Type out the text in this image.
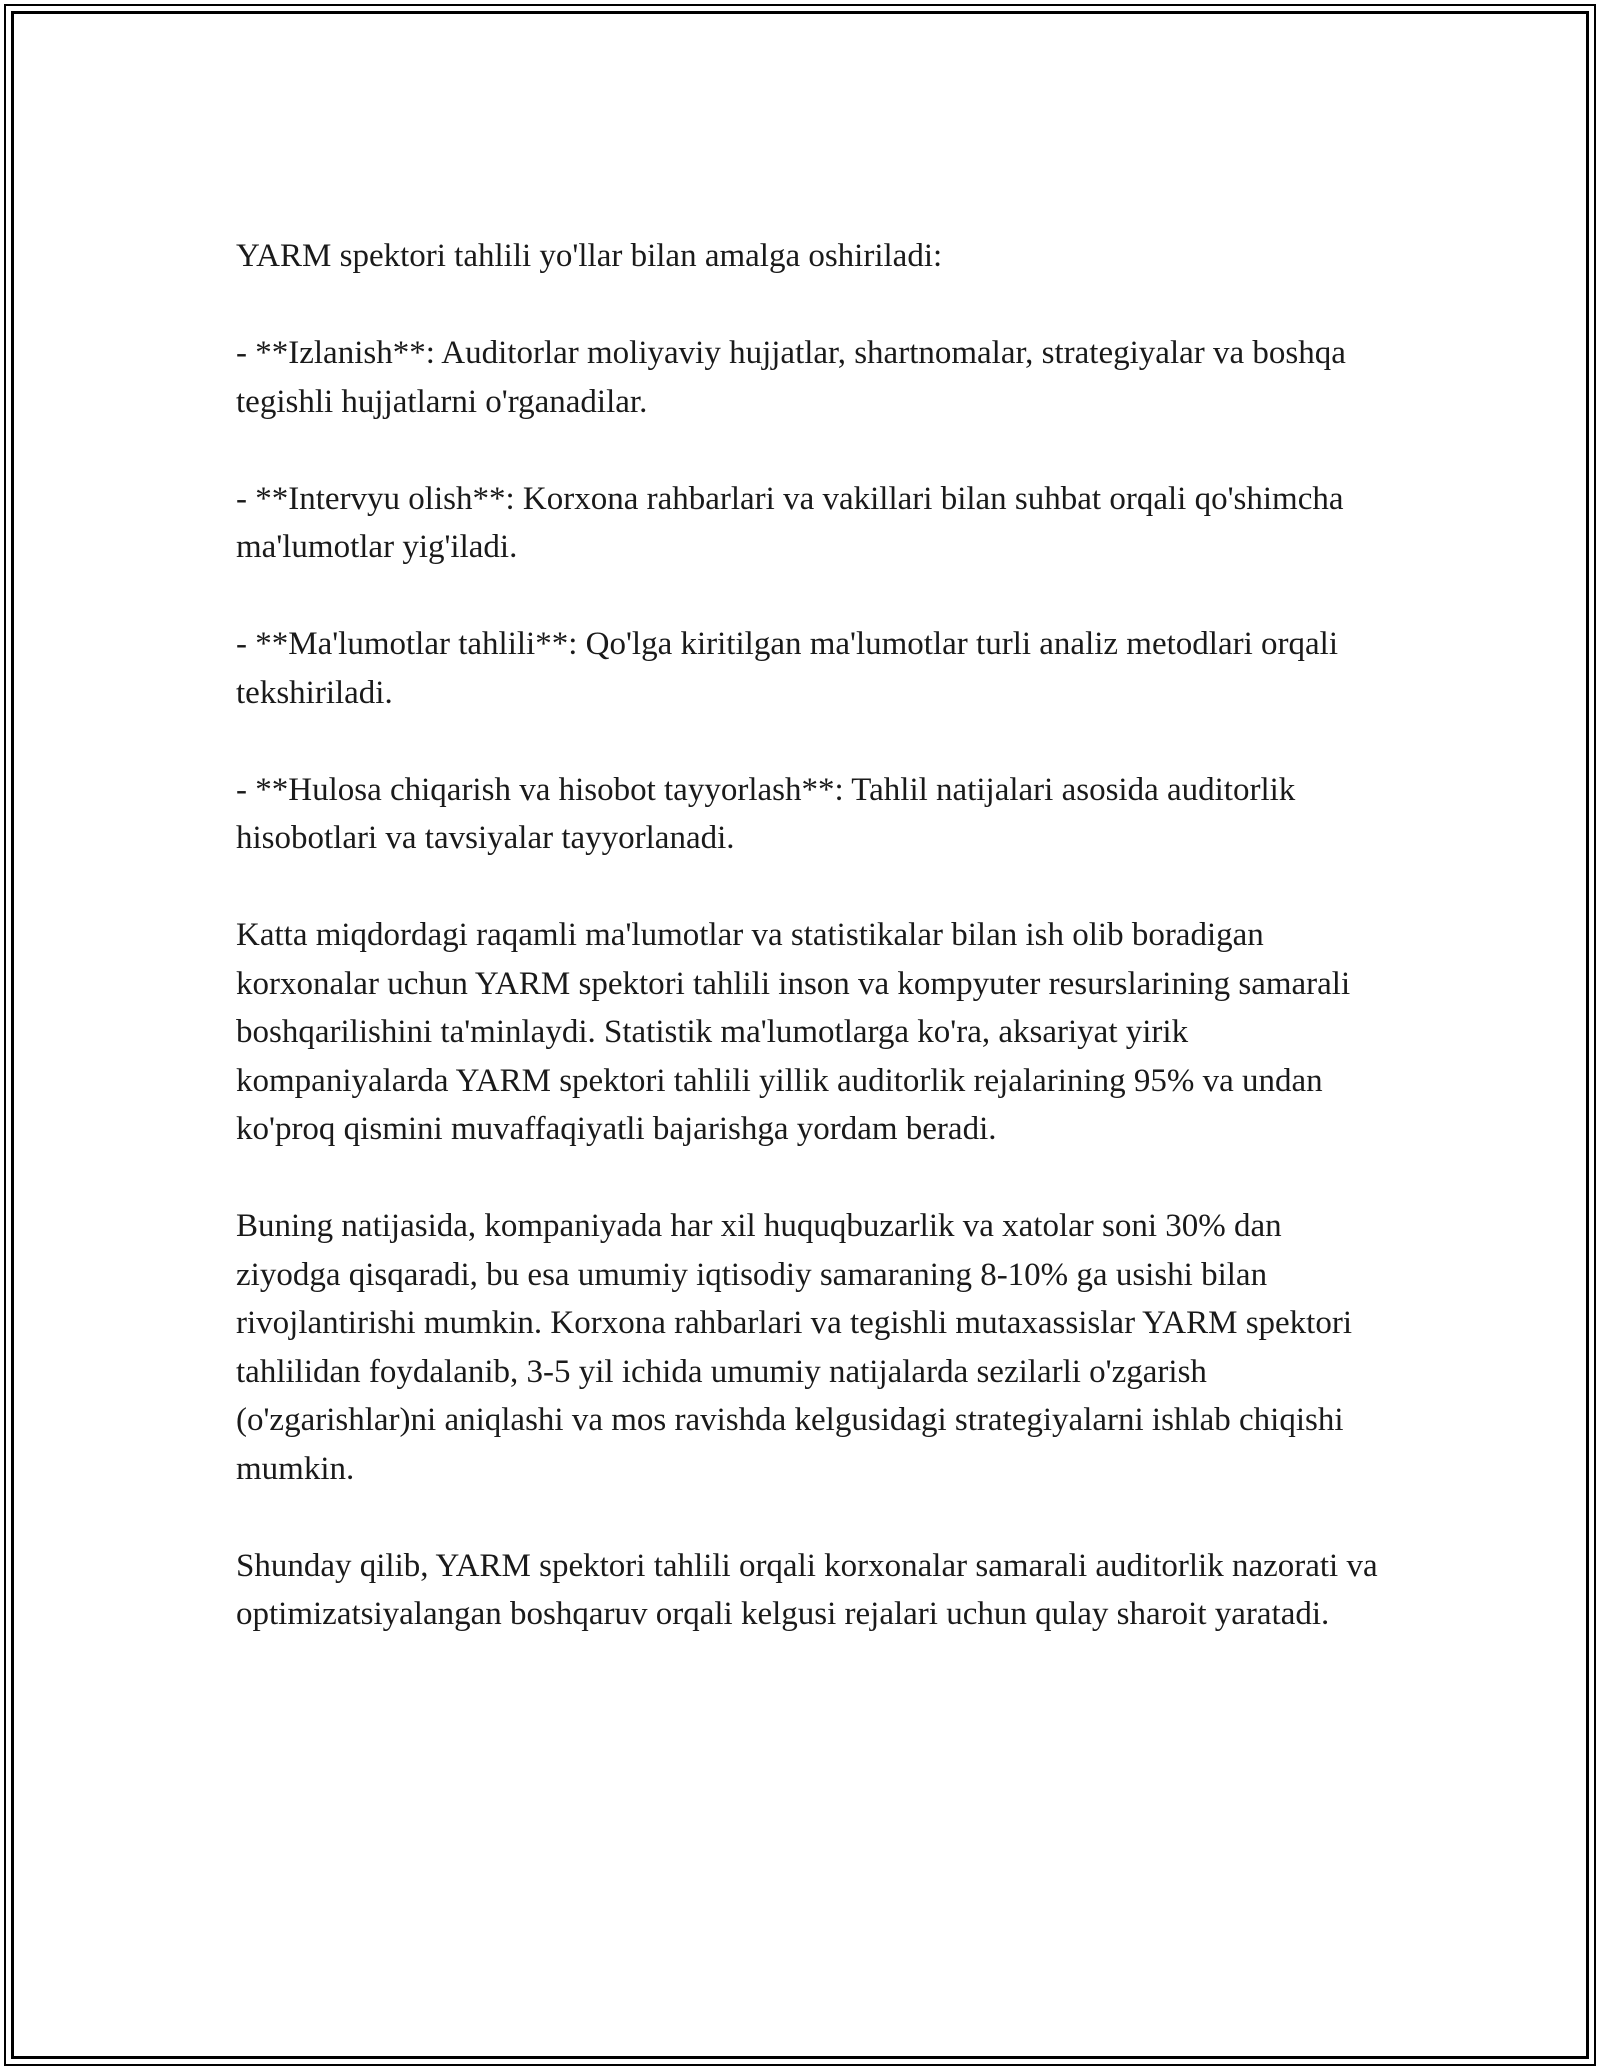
YARM spektori tahlili yo'llar bilan amalga oshiriladi:

- **Izlanish**: Auditorlar moliyaviy hujjatlar, shartnomalar, strategiyalar va boshqa tegishli hujjatlarni o'rganadilar.

- **Intervyu olish**: Korxona rahbarlari va vakillari bilan suhbat orqali qo'shimcha ma'lumotlar yig'iladi.

- **Ma'lumotlar tahlili**: Qo'lga kiritilgan ma'lumotlar turli analiz metodlari orqali tekshiriladi.

- **Hulosa chiqarish va hisobot tayyorlash**: Tahlil natijalari asosida auditorlik hisobotlari va tavsiyalar tayyorlanadi.

Katta miqdordagi raqamli ma'lumotlar va statistikalar bilan ish olib boradigan korxonalar uchun YARM spektori tahlili inson va kompyuter resurslarining samarali boshqarilishini ta'minlaydi. Statistik ma'lumotlarga ko'ra, aksariyat yirik kompaniyalarda YARM spektori tahlili yillik auditorlik rejalarining 95% va undan ko'proq qismini muvaffaqiyatli bajarishga yordam beradi.

Buning natijasida, kompaniyada har xil huquqbuzarlik va xatolar soni 30% dan ziyodga qisqaradi, bu esa umumiy iqtisodiy samaraning 8-10% ga usishi bilan rivojlantirishi mumkin. Korxona rahbarlari va tegishli mutaxassislar YARM spektori tahlilidan foydalanib, 3-5 yil ichida umumiy natijalarda sezilarli o'zgarish (o'zgarishlar)ni aniqlashi va mos ravishda kelgusidagi strategiyalarni ishlab chiqishi mumkin.

Shunday qilib, YARM spektori tahlili orqali korxonalar samarali auditorlik nazorati va optimizatsiyalangan boshqaruv orqali kelgusi rejalari uchun qulay sharoit yaratadi.
